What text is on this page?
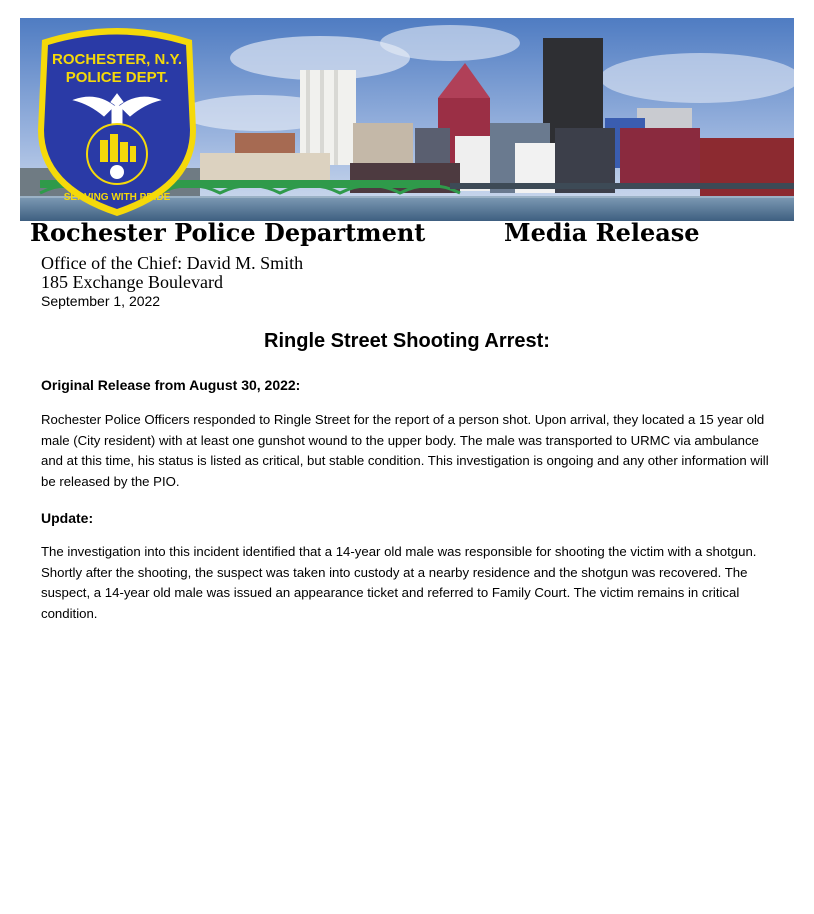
ROCHESTER, N.Y.
POLICE DEPT.
SERVING WITH PRIDE
Rochester Police Department	Media Release
Office of the Chief: David M. Smith
185 Exchange Boulevard
September 1, 2022
Ringle Street Shooting Arrest:
Original Release from August 30, 2022:
Rochester Police Officers responded to Ringle Street for the report of a person shot. Upon arrival, they located a 15 year old male (City resident) with at least one gunshot wound to the upper body. The male was transported to URMC via ambulance and at this time, his status is listed as critical, but stable condition. This investigation is ongoing and any other information will be released by the PIO.
Update:
The investigation into this incident identified that a 14-year old male was responsible for shooting the victim with a shotgun. Shortly after the shooting, the suspect was taken into custody at a nearby residence and the shotgun was recovered. The suspect, a 14-year old male was issued an appearance ticket and referred to Family Court. The victim remains in critical condition.
